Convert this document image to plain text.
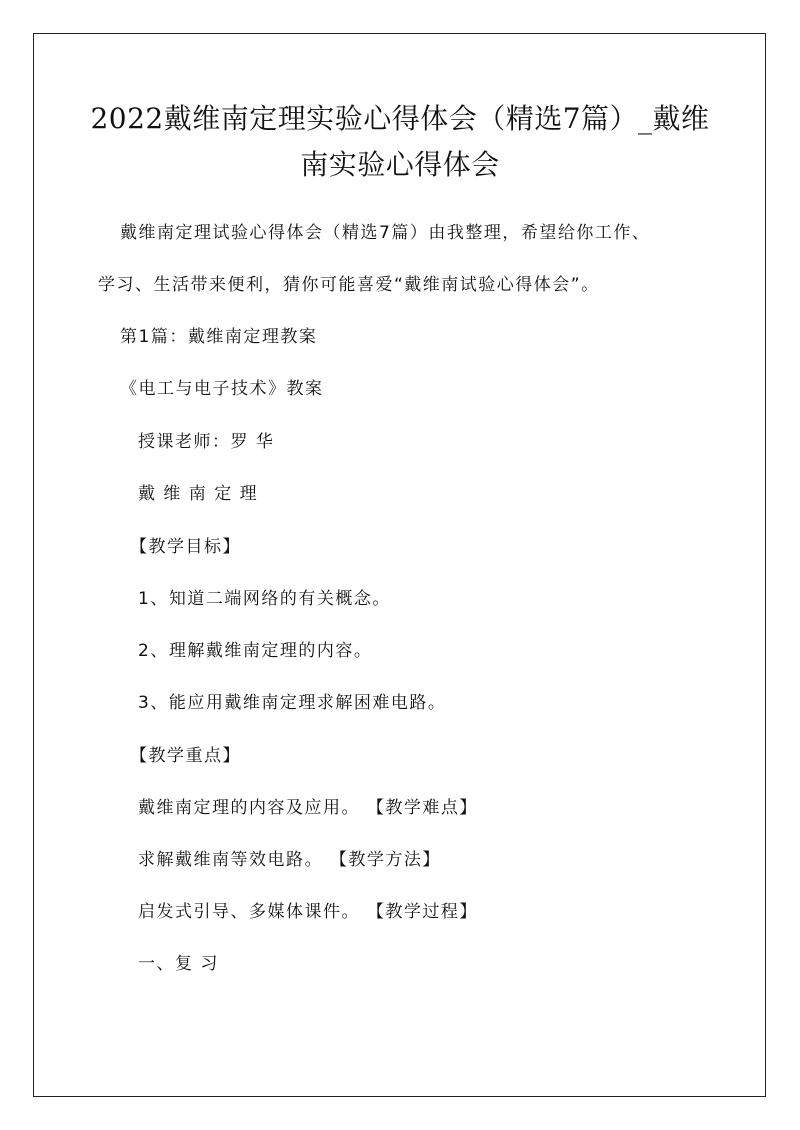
2022戴维南定理实验心得体会（精选7篇）_戴维南实验心得体会

戴维南定理试验心得体会（精选7篇）由我整理，希望给你工作、

学习、生活带来便利，猜你可能喜爱“戴维南试验心得体会”。

第1篇：戴维南定理教案

《电工与电子技术》教案

授课老师：罗 华

戴 维 南 定 理

【教学目标】

1、知道二端网络的有关概念。

2、理解戴维南定理的内容。

3、能应用戴维南定理求解困难电路。

【教学重点】

戴维南定理的内容及应用。 【教学难点】

求解戴维南等效电路。 【教学方法】

启发式引导、多媒体课件。 【教学过程】

一、复 习
